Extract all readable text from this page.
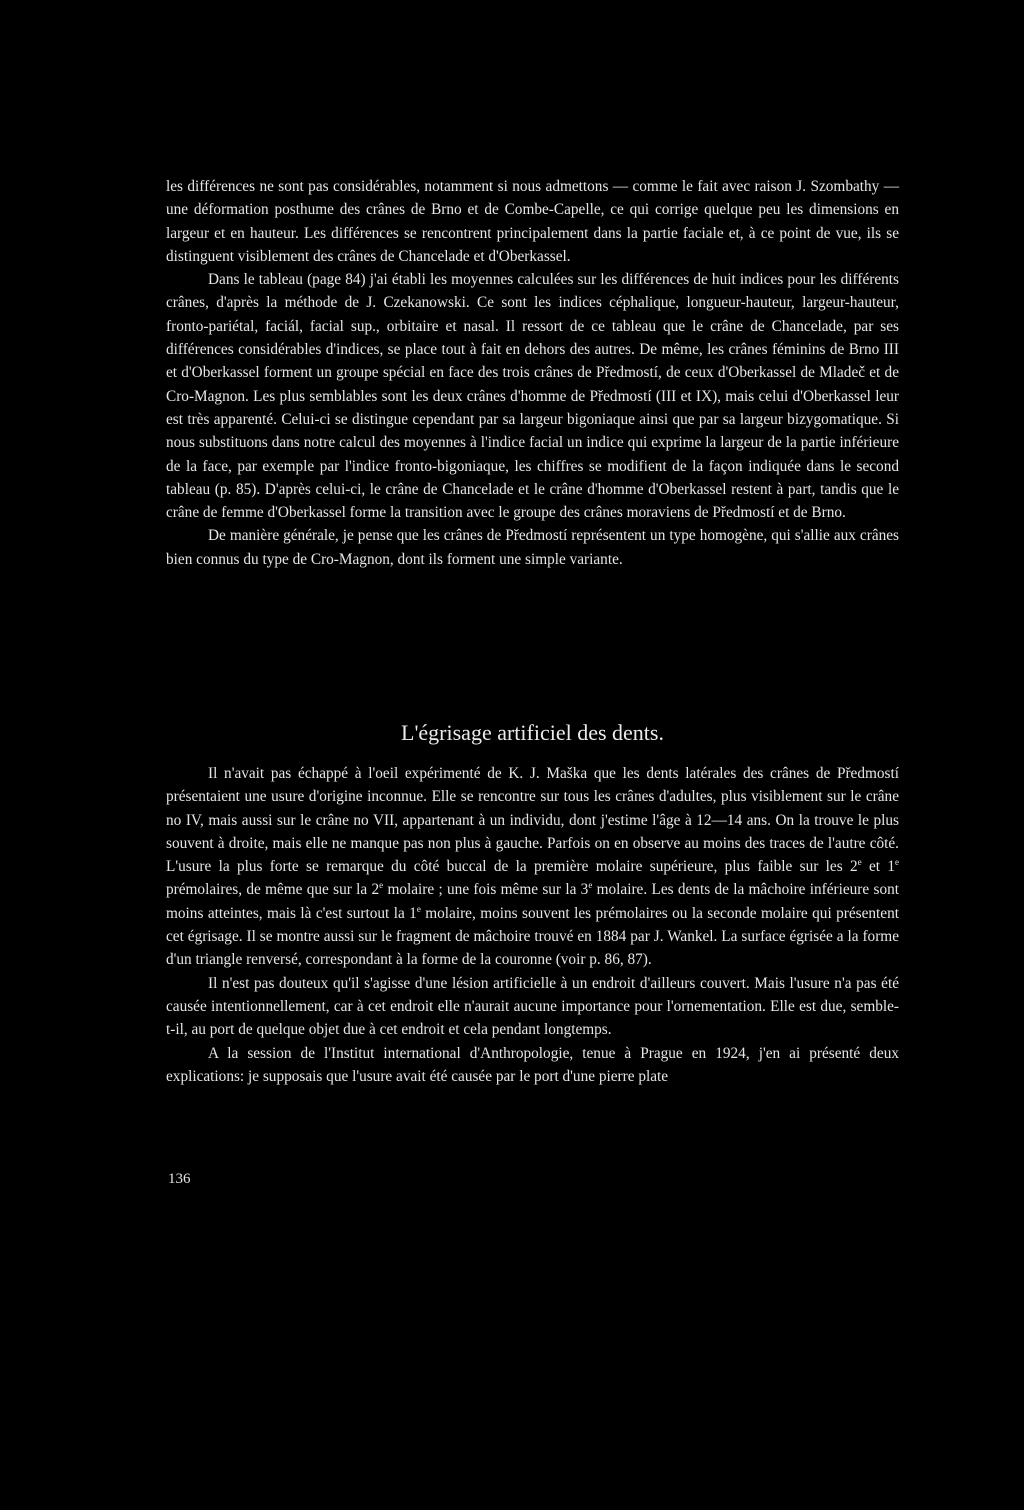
les différences ne sont pas considérables, notamment si nous admettons — comme le fait avec raison J. Szombathy — une déformation posthume des crânes de Brno et de Combe-Capelle, ce qui corrige quelque peu les dimensions en largeur et en hauteur. Les différences se rencontrent principalement dans la partie faciale et, à ce point de vue, ils se distinguent visiblement des crânes de Chancelade et d'Oberkassel.

Dans le tableau (page 84) j'ai établi les moyennes calculées sur les différences de huit indices pour les différents crânes, d'après la méthode de J. Czekanowski. Ce sont les indices céphalique, longueur-hauteur, largeur-hauteur, fronto-pariétal, faciál, facial sup., orbitaire et nasal. Il ressort de ce tableau que le crâne de Chancelade, par ses différences considérables d'indices, se place tout à fait en dehors des autres. De même, les crânes féminins de Brno III et d'Oberkassel forment un groupe spécial en face des trois crânes de Předmostí, de ceux d'Oberkassel de Mladeč et de Cro-Magnon. Les plus semblables sont les deux crânes d'homme de Předmostí (III et IX), mais celui d'Oberkassel leur est très apparenté. Celui-ci se distingue cependant par sa largeur bigoniaque ainsi que par sa largeur bizygomatique. Si nous substituons dans notre calcul des moyennes à l'indice facial un indice qui exprime la largeur de la partie inférieure de la face, par exemple par l'indice fronto-bigoniaque, les chiffres se modifient de la façon indiquée dans le second tableau (p. 85). D'après celui-ci, le crâne de Chancelade et le crâne d'homme d'Oberkassel restent à part, tandis que le crâne de femme d'Oberkassel forme la transition avec le groupe des crânes moraviens de Předmostí et de Brno.

De manière générale, je pense que les crânes de Předmostí représentent un type homogène, qui s'allie aux crânes bien connus du type de Cro-Magnon, dont ils forment une simple variante.

L'égrisage artificiel des dents.

Il n'avait pas échappé à l'oeil expérimenté de K. J. Maška que les dents latérales des crânes de Předmostí présentaient une usure d'origine inconnue. Elle se rencontre sur tous les crânes d'adultes, plus visiblement sur le crâne no IV, mais aussi sur le crâne no VII, appartenant à un individu, dont j'estime l'âge à 12—14 ans. On la trouve le plus souvent à droite, mais elle ne manque pas non plus à gauche. Parfois on en observe au moins des traces de l'autre côté. L'usure la plus forte se remarque du côté buccal de la première molaire supérieure, plus faible sur les 2e et 1e prémolaires, de même que sur la 2e molaire ; une fois même sur la 3e molaire. Les dents de la mâchoire inférieure sont moins atteintes, mais là c'est surtout la 1e molaire, moins souvent les prémolaires ou la seconde molaire qui présentent cet égrisage. Il se montre aussi sur le fragment de mâchoire trouvé en 1884 par J. Wankel. La surface égrisée a la forme d'un triangle renversé, correspondant à la forme de la couronne (voir p. 86, 87).

Il n'est pas douteux qu'il s'agisse d'une lésion artificielle à un endroit d'ailleurs couvert. Mais l'usure n'a pas été causée intentionnellement, car à cet endroit elle n'aurait aucune importance pour l'ornementation. Elle est due, semble-t-il, au port de quelque objet due à cet endroit et cela pendant longtemps.

A la session de l'Institut international d'Anthropologie, tenue à Prague en 1924, j'en ai présenté deux explications: je supposais que l'usure avait été causée par le port d'une pierre plate

136
